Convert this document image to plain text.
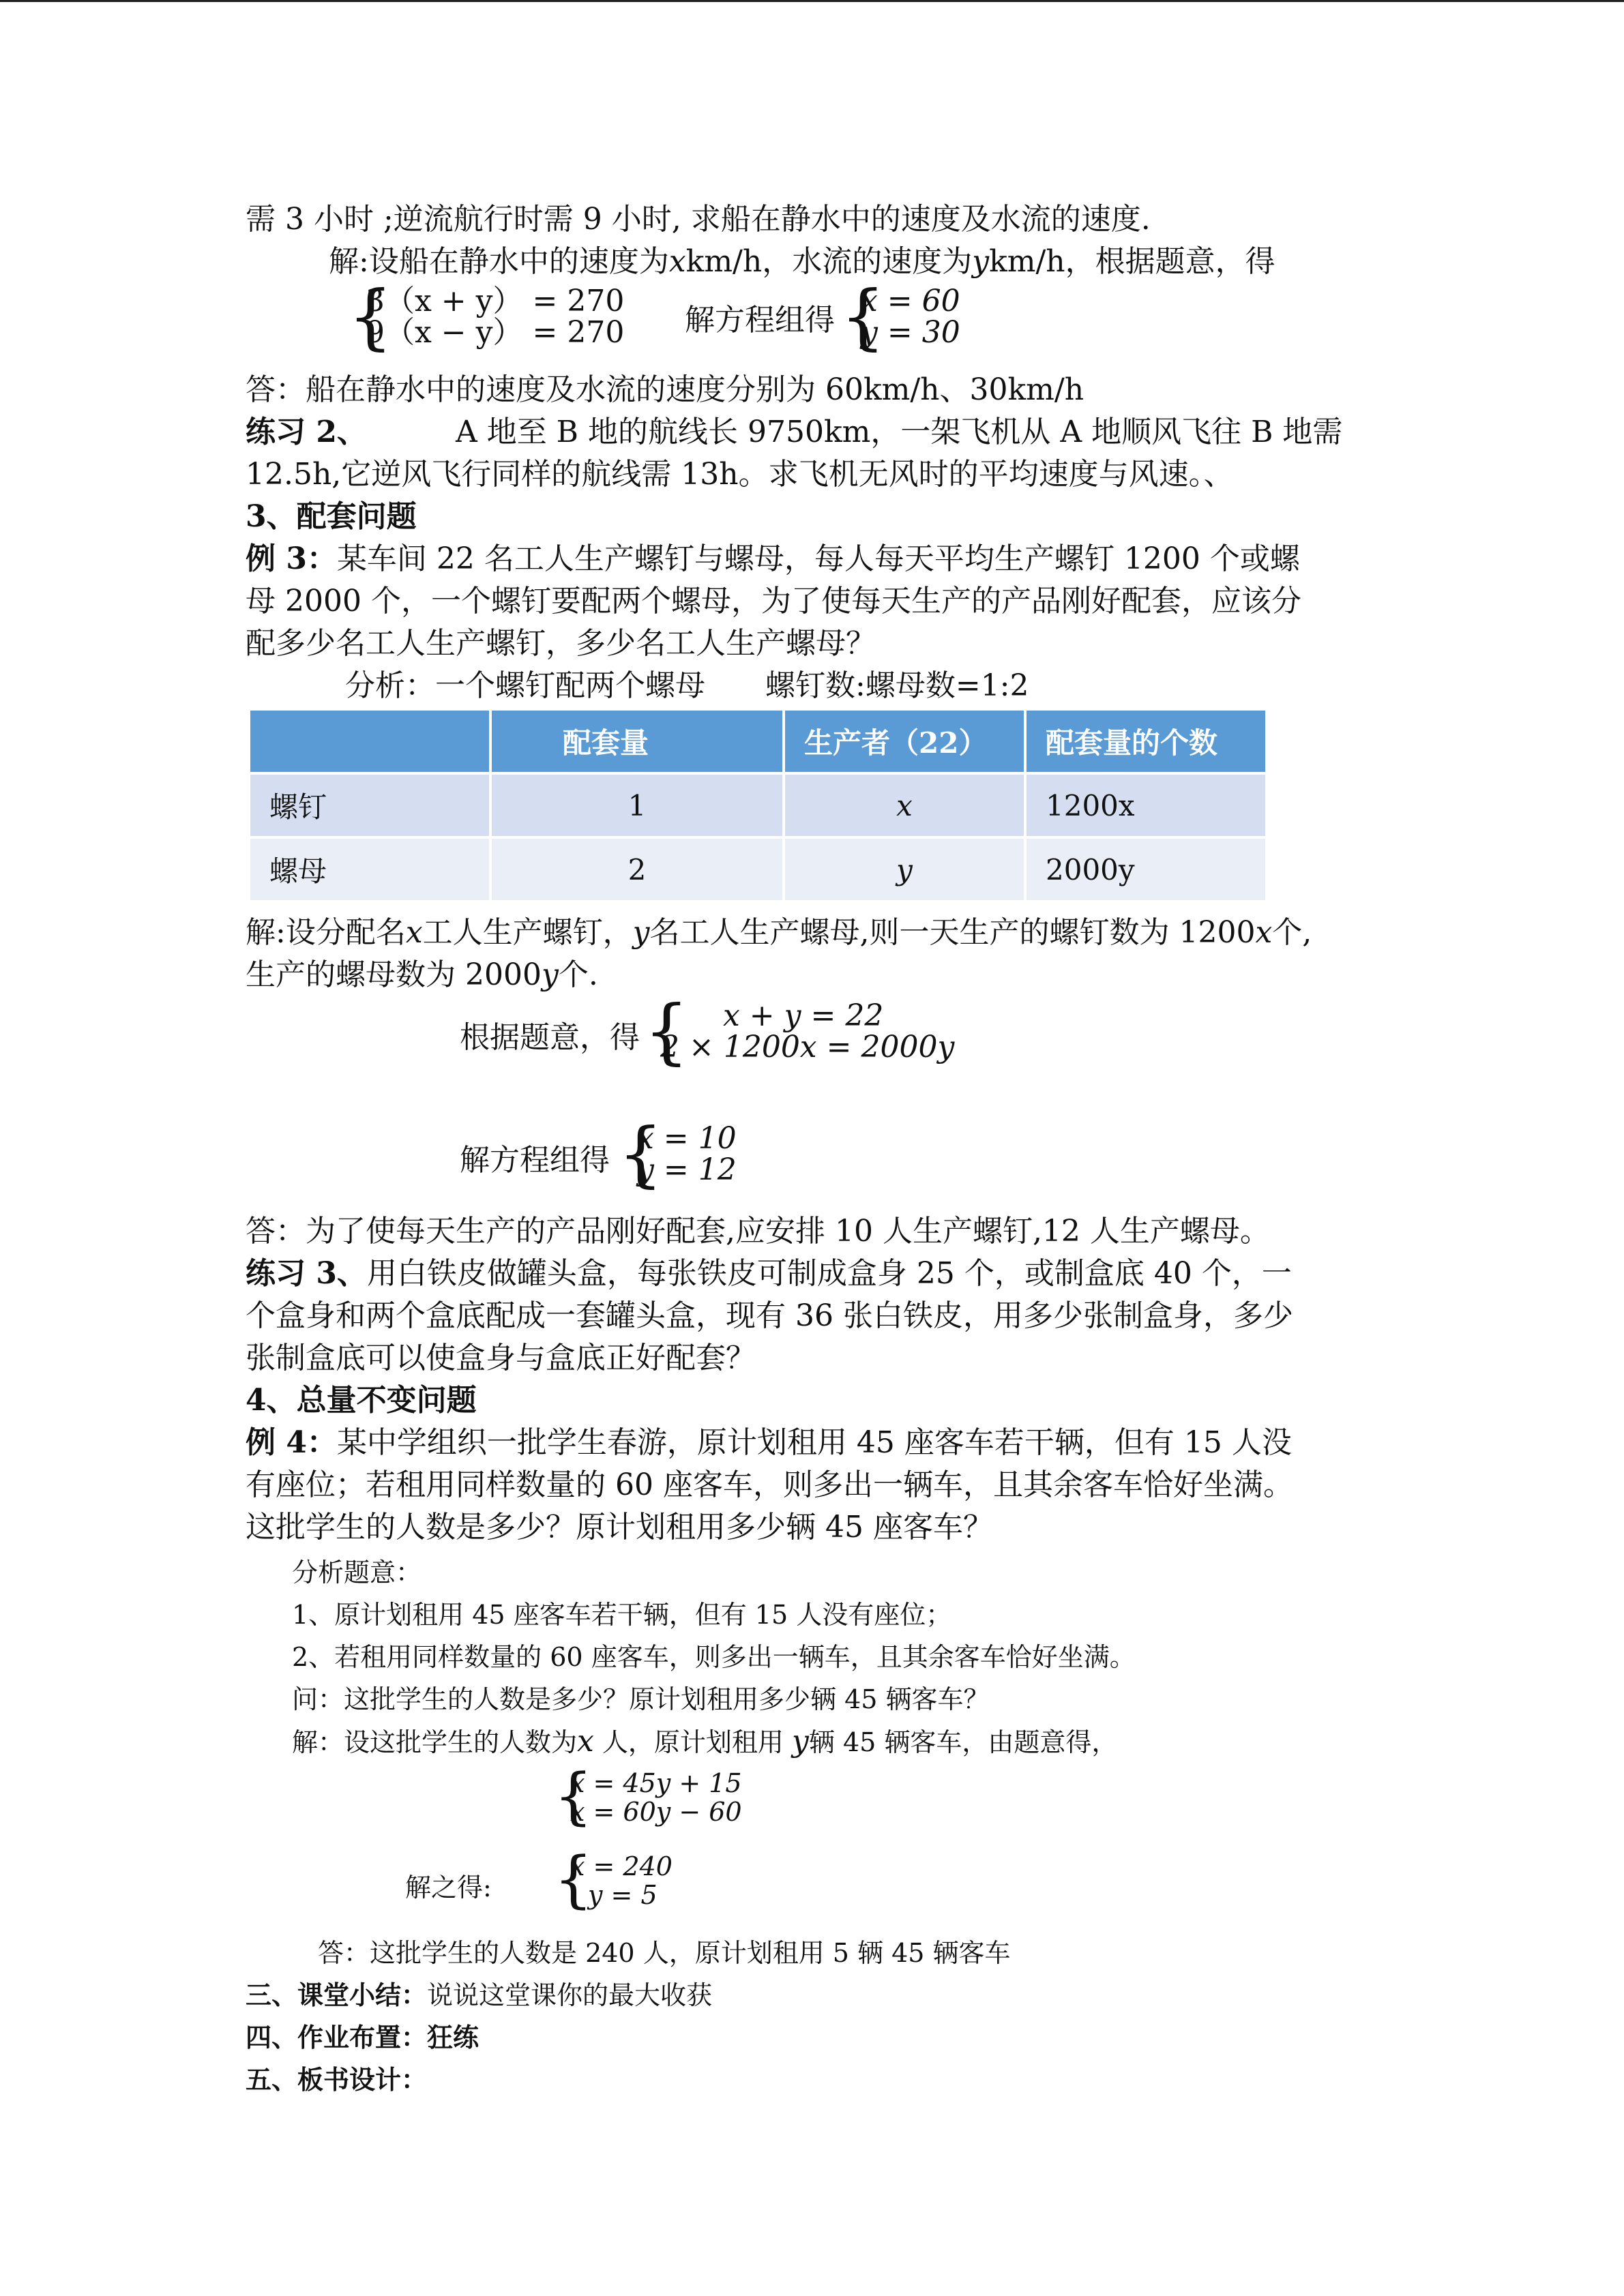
需 3 小时 ;逆流航行时需 9 小时, 求船在静水中的速度及水流的速度.
解:设船在静水中的速度为xkm/h，水流的速度为ykm/h，根据题意，得
{
3（x + y） = 270
9（x − y） = 270 解方程组得 {
x = 60
y = 30
答：船在静水中的速度及水流的速度分别为 60km/h、30km/h
练习 2、	A 地至 B 地的航线长 9750km，一架飞机从 A 地顺风飞往 B 地需
12.5h,它逆风飞行同样的航线需 13h。求飞机无风时的平均速度与风速。、
3、配套问题
例 3：某车间 22 名工人生产螺钉与螺母，每人每天平均生产螺钉 1200 个或螺
母 2000 个，一个螺钉要配两个螺母，为了使每天生产的产品刚好配套，应该分
配多少名工人生产螺钉，多少名工人生产螺母？
分析：一个螺钉配两个螺母　　螺钉数:螺母数=1:2
	配套量	生产者（22）	配套量的个数
螺钉	1	x	1200x
螺母	2	y	2000y
解:设分配名x工人生产螺钉，y名工人生产螺母,则一天生产的螺钉数为 1200x个,
生产的螺母数为 2000y个.
根据题意，得 { x + y = 22
2 × 1200x = 2000y
解方程组得 {
x = 10
y = 12
答：为了使每天生产的产品刚好配套,应安排 10 人生产螺钉,12 人生产螺母。
练习 3、用白铁皮做罐头盒，每张铁皮可制成盒身 25 个，或制盒底 40 个，一
个盒身和两个盒底配成一套罐头盒，现有 36 张白铁皮，用多少张制盒身，多少
张制盒底可以使盒身与盒底正好配套？
4、总量不变问题
例 4：某中学组织一批学生春游，原计划租用 45 座客车若干辆，但有 15 人没
有座位；若租用同样数量的 60 座客车，则多出一辆车，且其余客车恰好坐满。
这批学生的人数是多少？原计划租用多少辆 45 座客车？
分析题意：
1、原计划租用 45 座客车若干辆，但有 15 人没有座位；
2、若租用同样数量的 60 座客车，则多出一辆车，且其余客车恰好坐满。
问：这批学生的人数是多少？原计划租用多少辆 45 辆客车？
解：设这批学生的人数为x 人，原计划租用 y辆 45 辆客车，由题意得，
{
x = 45y + 15
x = 60y − 60
解之得: {
x = 240
y = 5
答：这批学生的人数是 240 人，原计划租用 5 辆 45 辆客车
三、课堂小结：说说这堂课你的最大收获
四、作业布置：狂练
五、板书设计：
